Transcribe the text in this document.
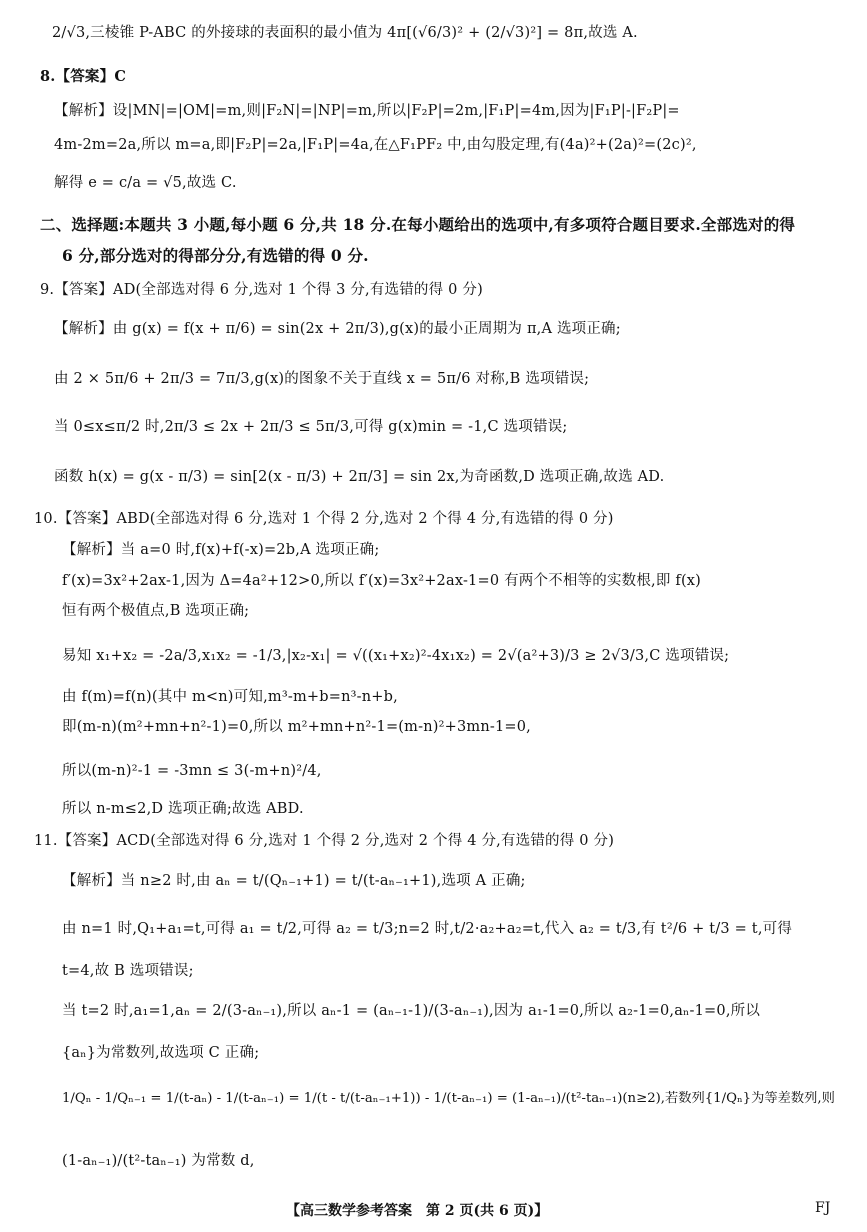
2/√3,三棱锥 P-ABC 的外接球的表面积的最小值为 4π[(√6/3)² + (2/√3)²] = 8π,故选 A.
8.【答案】C
【解析】设|MN|=|OM|=m,则|F₂N|=|NP|=m,所以|F₂P|=2m,|F₁P|=4m,因为|F₁P|-|F₂P|=
4m-2m=2a,所以 m=a,即|F₂P|=2a,|F₁P|=4a,在△F₁PF₂ 中,由勾股定理,有(4a)²+(2a)²=(2c)²,
解得 e = c/a = √5,故选 C.
二、选择题:本题共 3 小题,每小题 6 分,共 18 分.在每小题给出的选项中,有多项符合题目要求.全部选对的得
6 分,部分选对的得部分分,有选错的得 0 分.
9.【答案】AD(全部选对得 6 分,选对 1 个得 3 分,有选错的得 0 分)
【解析】由 g(x) = f(x + π/6) = sin(2x + 2π/3),g(x)的最小正周期为 π,A 选项正确;
由 2 × 5π/6 + 2π/3 = 7π/3,g(x)的图象不关于直线 x = 5π/6 对称,B 选项错误;
当 0≤x≤π/2 时,2π/3 ≤ 2x + 2π/3 ≤ 5π/3,可得 g(x)min = -1,C 选项错误;
函数 h(x) = g(x - π/3) = sin[2(x - π/3) + 2π/3] = sin 2x,为奇函数,D 选项正确,故选 AD.
10.【答案】ABD(全部选对得 6 分,选对 1 个得 2 分,选对 2 个得 4 分,有选错的得 0 分)
【解析】当 a=0 时,f(x)+f(-x)=2b,A 选项正确;
f′(x)=3x²+2ax-1,因为 Δ=4a²+12>0,所以 f′(x)=3x²+2ax-1=0 有两个不相等的实数根,即 f(x)
恒有两个极值点,B 选项正确;
易知 x₁+x₂ = -2a/3,x₁x₂ = -1/3,|x₂-x₁| = √((x₁+x₂)²-4x₁x₂) = 2√(a²+3)/3 ≥ 2√3/3,C 选项错误;
由 f(m)=f(n)(其中 m<n)可知,m³-m+b=n³-n+b,
即(m-n)(m²+mn+n²-1)=0,所以 m²+mn+n²-1=(m-n)²+3mn-1=0,
所以(m-n)²-1 = -3mn ≤ 3(-m+n)²/4,
所以 n-m≤2,D 选项正确;故选 ABD.
11.【答案】ACD(全部选对得 6 分,选对 1 个得 2 分,选对 2 个得 4 分,有选错的得 0 分)
【解析】当 n≥2 时,由 aₙ = t/(Qₙ₋₁+1) = t/(t-aₙ₋₁+1),选项 A 正确;
由 n=1 时,Q₁+a₁=t,可得 a₁ = t/2,可得 a₂ = t/3;n=2 时,t/2·a₂+a₂=t,代入 a₂ = t/3,有 t²/6 + t/3 = t,可得
t=4,故 B 选项错误;
当 t=2 时,a₁=1,aₙ = 2/(3-aₙ₋₁),所以 aₙ-1 = (aₙ₋₁-1)/(3-aₙ₋₁),因为 a₁-1=0,所以 a₂-1=0,aₙ-1=0,所以
{aₙ}为常数列,故选项 C 正确;
1/Qₙ - 1/Qₙ₋₁ = 1/(t-aₙ) - 1/(t-aₙ₋₁) = 1/(t - t/(t-aₙ₋₁+1)) - 1/(t-aₙ₋₁) = (1-aₙ₋₁)/(t²-taₙ₋₁)(n≥2),若数列{1/Qₙ}为等差数列,则
(1-aₙ₋₁)/(t²-taₙ₋₁) 为常数 d,
【高三数学参考答案　第 2 页(共 6 页)】	FJ
